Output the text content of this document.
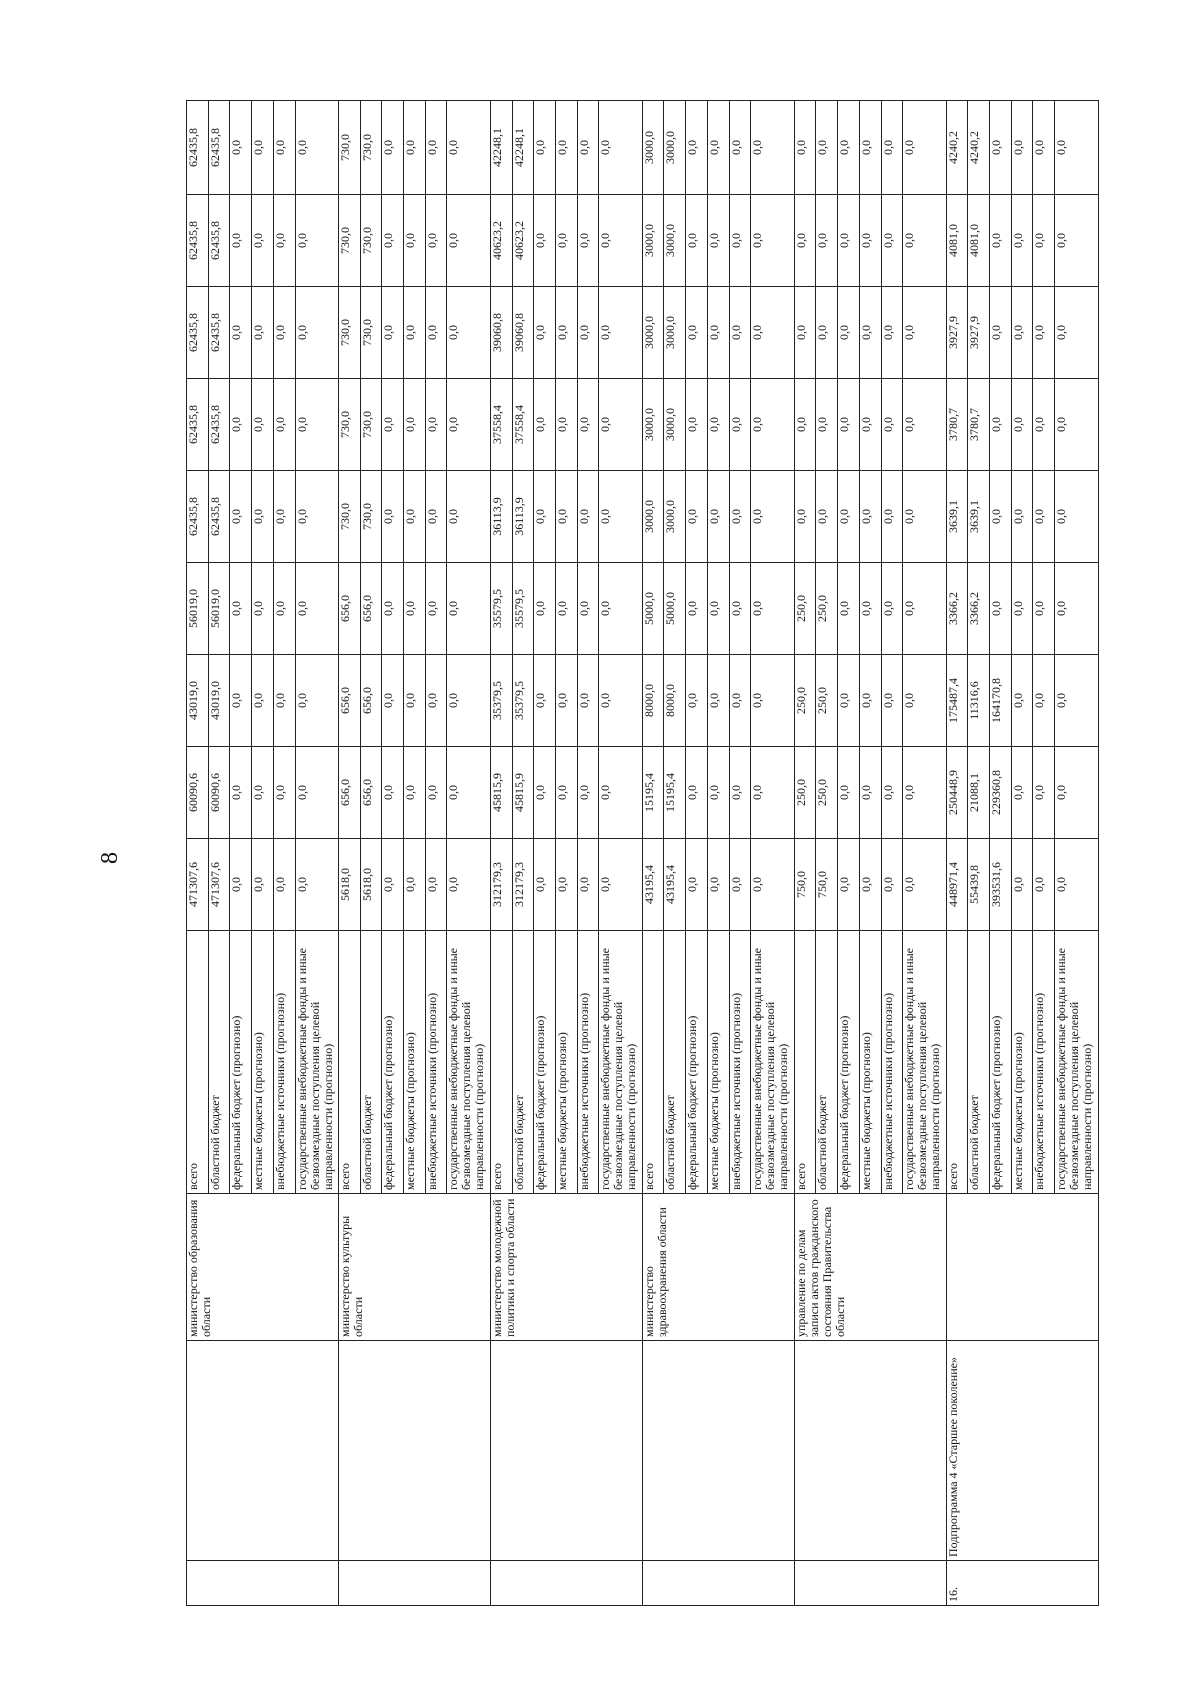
8
		министерство образования области	всего	471307,6	60090,6	43019,0	56019,0	62435,8	62435,8	62435,8	62435,8	62435,8
			областной бюджет	471307,6	60090,6	43019,0	56019,0	62435,8	62435,8	62435,8	62435,8	62435,8
			федеральный бюджет (прогнозно)	0,0	0,0	0,0	0,0	0,0	0,0	0,0	0,0	0,0
			местные бюджеты (прогнозно)	0,0	0,0	0,0	0,0	0,0	0,0	0,0	0,0	0,0
			внебюджетные источники (прогнозно)	0,0	0,0	0,0	0,0	0,0	0,0	0,0	0,0	0,0
			государственные внебюджетные фонды и иные безвозмездные поступления целевой направленности (прогнозно)	0,0	0,0	0,0	0,0	0,0	0,0	0,0	0,0	0,0
		министерство культуры области	всего	5618,0	656,0	656,0	656,0	730,0	730,0	730,0	730,0	730,0
			областной бюджет	5618,0	656,0	656,0	656,0	730,0	730,0	730,0	730,0	730,0
			федеральный бюджет (прогнозно)	0,0	0,0	0,0	0,0	0,0	0,0	0,0	0,0	0,0
			местные бюджеты (прогнозно)	0,0	0,0	0,0	0,0	0,0	0,0	0,0	0,0	0,0
			внебюджетные источники (прогнозно)	0,0	0,0	0,0	0,0	0,0	0,0	0,0	0,0	0,0
			государственные внебюджетные фонды и иные безвозмездные поступления целевой направленности (прогнозно)	0,0	0,0	0,0	0,0	0,0	0,0	0,0	0,0	0,0
		министерство молодежной политики и спорта области	всего	312179,3	45815,9	35379,5	35579,5	36113,9	37558,4	39060,8	40623,2	42248,1
			областной бюджет	312179,3	45815,9	35379,5	35579,5	36113,9	37558,4	39060,8	40623,2	42248,1
			федеральный бюджет (прогнозно)	0,0	0,0	0,0	0,0	0,0	0,0	0,0	0,0	0,0
			местные бюджеты (прогнозно)	0,0	0,0	0,0	0,0	0,0	0,0	0,0	0,0	0,0
			внебюджетные источники (прогнозно)	0,0	0,0	0,0	0,0	0,0	0,0	0,0	0,0	0,0
			государственные внебюджетные фонды и иные безвозмездные поступления целевой направленности (прогнозно)	0,0	0,0	0,0	0,0	0,0	0,0	0,0	0,0	0,0
		министерство здравоохранения области	всего	43195,4	15195,4	8000,0	5000,0	3000,0	3000,0	3000,0	3000,0	3000,0
			областной бюджет	43195,4	15195,4	8000,0	5000,0	3000,0	3000,0	3000,0	3000,0	3000,0
			федеральный бюджет (прогнозно)	0,0	0,0	0,0	0,0	0,0	0,0	0,0	0,0	0,0
			местные бюджеты (прогнозно)	0,0	0,0	0,0	0,0	0,0	0,0	0,0	0,0	0,0
			внебюджетные источники (прогнозно)	0,0	0,0	0,0	0,0	0,0	0,0	0,0	0,0	0,0
			государственные внебюджетные фонды и иные безвозмездные поступления целевой направленности (прогнозно)	0,0	0,0	0,0	0,0	0,0	0,0	0,0	0,0	0,0
		управление по делам записи актов гражданского состояния Правительства области	всего	750,0	250,0	250,0	250,0	0,0	0,0	0,0	0,0	0,0
			областной бюджет	750,0	250,0	250,0	250,0	0,0	0,0	0,0	0,0	0,0
			федеральный бюджет (прогнозно)	0,0	0,0	0,0	0,0	0,0	0,0	0,0	0,0	0,0
			местные бюджеты (прогнозно)	0,0	0,0	0,0	0,0	0,0	0,0	0,0	0,0	0,0
			внебюджетные источники (прогнозно)	0,0	0,0	0,0	0,0	0,0	0,0	0,0	0,0	0,0
			государственные внебюджетные фонды и иные безвозмездные поступления целевой направленности (прогнозно)	0,0	0,0	0,0	0,0	0,0	0,0	0,0	0,0	0,0
16.	Подпрограмма 4 «Старшее поколение»		всего	448971,4	250448,9	175487,4	3366,2	3639,1	3780,7	3927,9	4081,0	4240,2
			областной бюджет	55439,8	21088,1	11316,6	3366,2	3639,1	3780,7	3927,9	4081,0	4240,2
			федеральный бюджет (прогнозно)	393531,6	229360,8	164170,8	0,0	0,0	0,0	0,0	0,0	0,0
			местные бюджеты (прогнозно)	0,0	0,0	0,0	0,0	0,0	0,0	0,0	0,0	0,0
			внебюджетные источники (прогнозно)	0,0	0,0	0,0	0,0	0,0	0,0	0,0	0,0	0,0
			государственные внебюджетные фонды и иные безвозмездные поступления целевой направленности (прогнозно)	0,0	0,0	0,0	0,0	0,0	0,0	0,0	0,0	0,0
